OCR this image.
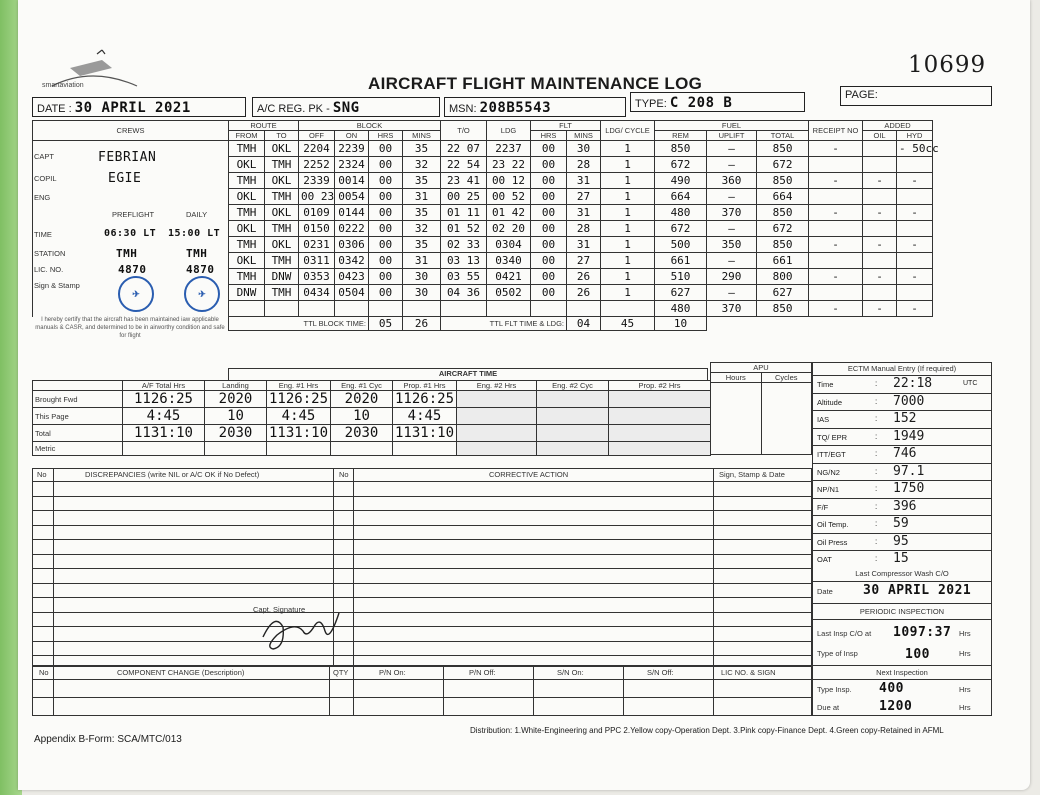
smartaviation	AIRCRAFT FLIGHT MAINTENANCE LOG
10699
DATE : 30 APRIL 2021	A/C REG. PK - SNG	MSN: 208B5543	TYPE: C 208 B	PAGE:
CREWS	ROUTE		BLOCK				T/O	LDG	FLT		LDG/ CYCLE	FUEL			RECEIPT NO	ADDED	
	FROM	TO	OFF	ON	HRS	MINS			HRS	MINS		REM	UPLIFT	TOTAL		OIL	HYD
	TMH	OKL	2204	2239	00	35	22 07	2237	00	30	1	850	—	850	-		- 50cc
	OKL	TMH	2252	2324	00	32	22 54	23 22	00	28	1	672	—	672			
	TMH	OKL	2339	0014	00	35	23 41	00 12	00	31	1	490	360	850	-	-	-
	OKL	TMH	00 23	0054	00	31	00 25	00 52	00	27	1	664	—	664			
	TMH	OKL	0109	0144	00	35	01 11	01 42	00	31	1	480	370	850	-	-	-
	OKL	TMH	0150	0222	00	32	01 52	02 20	00	28	1	672	—	672			
	TMH	OKL	0231	0306	00	35	02 33	0304	00	31	1	500	350	850	-	-	-
	OKL	TMH	0311	0342	00	31	03 13	0340	00	27	1	661	—	661			
	TMH	DNW	0353	0423	00	30	03 55	0421	00	26	1	510	290	800	-	-	-
	DNW	TMH	0434	0504	00	30	04 36	0502	00	26	1	627	—	627			
												480	370	850	-	-	-
	TTL BLOCK TIME:				05	26	TTL FLT TIME & LDG:			04	45	10					
CAPT	FEBRIAN
COPIL	EGIE
ENG
PREFLIGHT	DAILY
TIME	06:30 LT 15:00 LT
STATION	TMH	TMH
LIC. NO.	4870	4870
Sign & Stamp
✈	✈
I hereby certify that the aircraft has been maintained iaw applicable manuals & CASR, and determined to be in airworthy condition and safe for flight
AIRCRAFT TIME
	A/F Total Hrs	Landing	Eng. #1 Hrs	Eng. #1 Cyc	Prop. #1 Hrs	Eng. #2 Hrs	Eng. #2 Cyc	Prop. #2 Hrs
Brought Fwd	1126:25	2020	1126:25	2020	1126:25			
This Page	4:45	10	4:45	10	4:45			
Total	1131:10	2030	1131:10	2030	1131:10			
Metric								
APU	
Hours	Cycles

No	DISCREPANCIES (write NIL or A/C OK if No Defect)	No	CORRECTIVE ACTION	Sign, Stamp & Date
Capt. Signature
No	COMPONENT CHANGE (Description)	QTY	P/N On:	P/N Off:	S/N On:	S/N Off:	LIC NO. & SIGN
ECTM Manual Entry (If required)
Time	: 22:18	UTC
Altitude	: 7000
IAS	: 152
TQ/ EPR	: 1949
ITT/EGT	: 746
NG/N2	: 97.1
NP/N1	: 1750
F/F	: 396
Oil Temp.	: 59
Oil Press	: 95
OAT	: 15
Last Compressor Wash C/O
Date 30 APRIL 2021
PERIODIC INSPECTION
Last Insp C/O at 1097:37 Hrs
Type of Insp	100	Hrs
Next Inspection
Type Insp. 400	Hrs
Due at	1200	Hrs
Appendix B-Form: SCA/MTC/013
Distribution: 1.White-Engineering and PPC 2.Yellow copy-Operation Dept. 3.Pink copy-Finance Dept. 4.Green copy-Retained in AFML
